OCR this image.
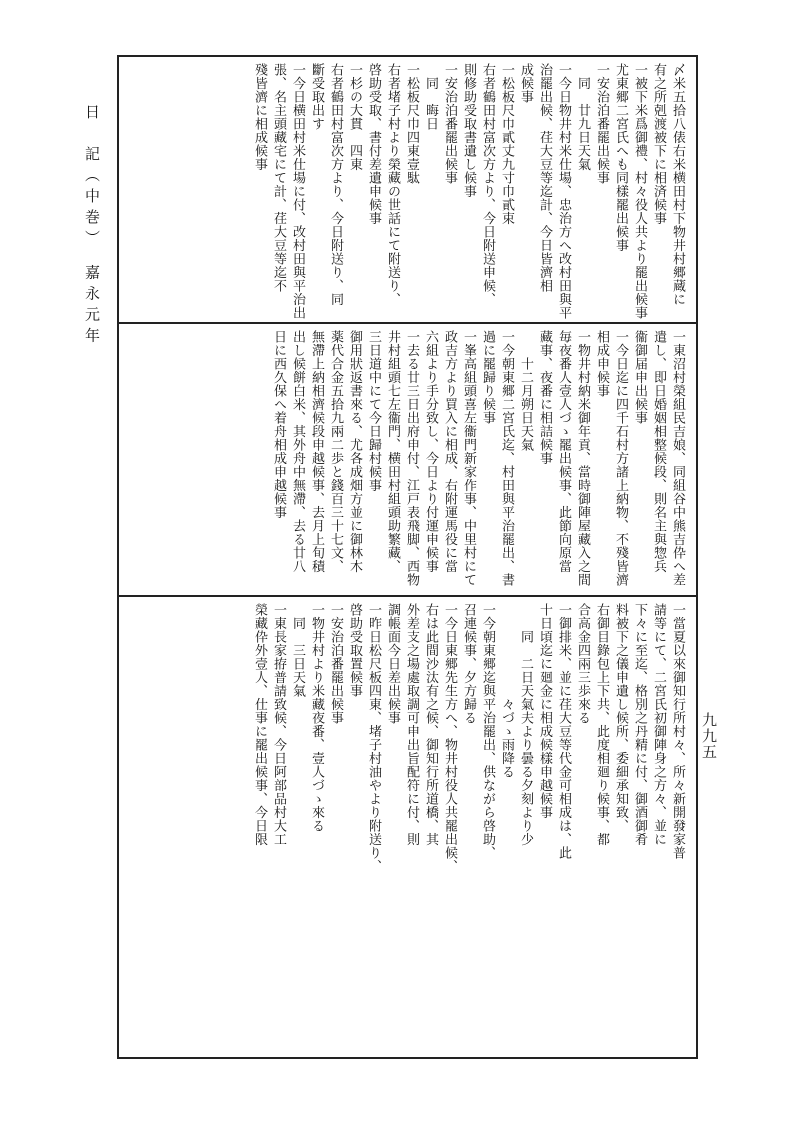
日　記（中巻）　嘉永元年
九九五
〆米五拾八俵右米横田村下物井村郷蔵に
有之所剋渡被下に相済候事
一被下米爲御禮、村々役人共より罷出候事
尤東郷二宮氏へも同樣罷出候事
一安治泊番罷出候事
　同　廿九日天氣
一今日物井村米仕場、忠治方へ改村田與平
治罷出候、荏大豆等迄計、今日皆濟相
成候事
一松板尺巾貳丈九寸巾貳束
右者鶴田村富次方より、今日附送申候、
則修助受取書遺し候事
一安治泊番罷出候事
　同　晦日
一松板尺巾四東壹駄
右者堵子村より榮藏の世話にて附送り、
啓助受取、書付差遺申候事
一杉の大貫　四東
右者鶴田村富次方より、今日附送り、同
斷受取出す
一今日横田村米仕場に付、改村田與平治出
張、名主頭藏宅にて計、荏大豆等迄不
殘皆濟に相成候事
一東沼村榮組民吉娘、同組谷中熊吉伜へ差
遣し、即日婚姻相整候段、則名主與惣兵
衞御届申出候事
一今日迄に四千石村方諸上納物、不殘皆濟
相成申候事
一物井村納米御年貢、當時御陣屋藏入之間
毎夜番人壹人づゝ罷出候事、此節向原當
藏事、夜番に相詰候事
　　十二月朔日天氣
一今朝東郷二宮氏迄、村田與平治罷出、書
過に罷歸り候事
一峯高組頭喜左衞門新家作事、中里村にて
政吉方より買入に相成、右附運馬役に當
六組より手分致し、今日より付運申候事
一去る廿三日出府申付、江戸表飛脚、西物
井村組頭七左衞門、横田村組頭助繁藏、
三日道中にて今日歸村候事
御用狀返書來る、尤各成畑方並に御林木
薬代合金五拾九兩二歩と錢百三十七文、
無滯上納相濟候段申越候事、去月上旬積
出し候餅白米、其外舟中無滯、去る廿八
日に西久保へ着舟相成申越候事
一當夏以來御知行所村々、所々新開發家普
請等にて、二宮氏初御陣身之方々、並に
下々に至迄、格別之丹精に付、御酒御肴
料被下之儀申遺し候所、委細承知致、
右御目錄包上下共、此度相廻り候事、都
合高金四兩三歩來る
一御排米、並に荏大豆等代金可相成は、此
十日頃迄に廻金に相成候樣申越候事
　　同　二日天氣夫より曇る夕刻より少
　　　　　　　々づゝ雨降る
一今朝東郷迄與平治罷出、供ながら啓助、
召連候事、夕方歸る
一今日東郷先生方へ、物井村役人共罷出候、
右は此間沙汰有之候、御知行所道橋、其
外差支之場處取調可申出旨配符に付、則
調帳面今日差出候事
一昨日松尺板四東、堵子村油やより附送り、
啓助受取置候事
一安治泊番罷出候事
一物井村より米藏夜番、壹人づゝ來る
　同　三日天氣
一東長家拵普請致候、今日阿部品村大工
榮藏伜外壹人、仕事に罷出候事、今日限
